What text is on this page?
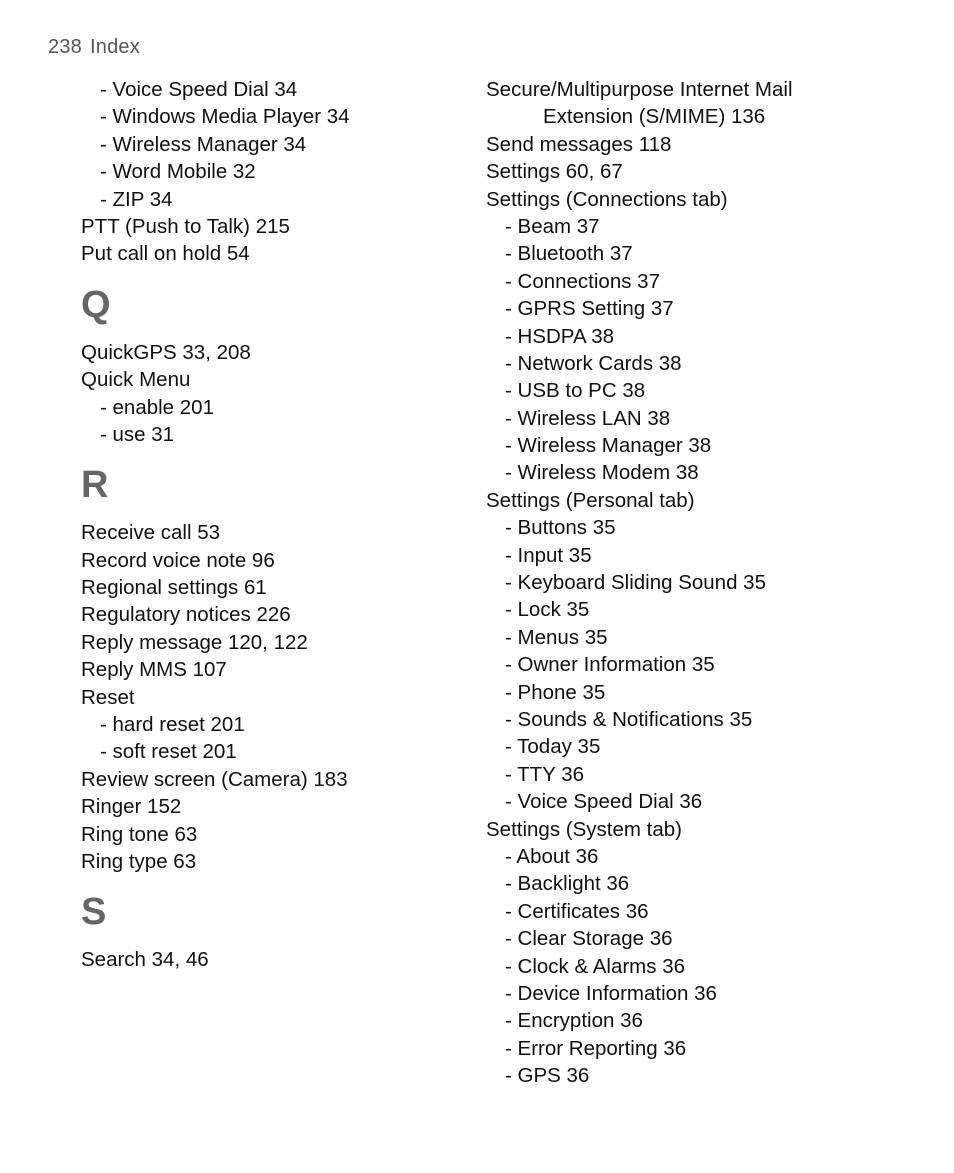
238 Index
- Voice Speed Dial 34
- Windows Media Player 34
- Wireless Manager 34
- Word Mobile 32
- ZIP 34
PTT (Push to Talk) 215
Put call on hold 54
Q
QuickGPS 33, 208
Quick Menu
- enable 201
- use 31
R
Receive call 53
Record voice note 96
Regional settings 61
Regulatory notices 226
Reply message 120, 122
Reply MMS 107
Reset
- hard reset 201
- soft reset 201
Review screen (Camera) 183
Ringer 152
Ring tone 63
Ring type 63
S
Search 34, 46
Secure/Multipurpose Internet Mail
Extension (S/MIME) 136
Send messages 118
Settings 60, 67
Settings (Connections tab)
- Beam 37
- Bluetooth 37
- Connections 37
- GPRS Setting 37
- HSDPA 38
- Network Cards 38
- USB to PC 38
- Wireless LAN 38
- Wireless Manager 38
- Wireless Modem 38
Settings (Personal tab)
- Buttons 35
- Input 35
- Keyboard Sliding Sound 35
- Lock 35
- Menus 35
- Owner Information 35
- Phone 35
- Sounds & Notifications 35
- Today 35
- TTY 36
- Voice Speed Dial 36
Settings (System tab)
- About 36
- Backlight 36
- Certificates 36
- Clear Storage 36
- Clock & Alarms 36
- Device Information 36
- Encryption 36
- Error Reporting 36
- GPS 36
